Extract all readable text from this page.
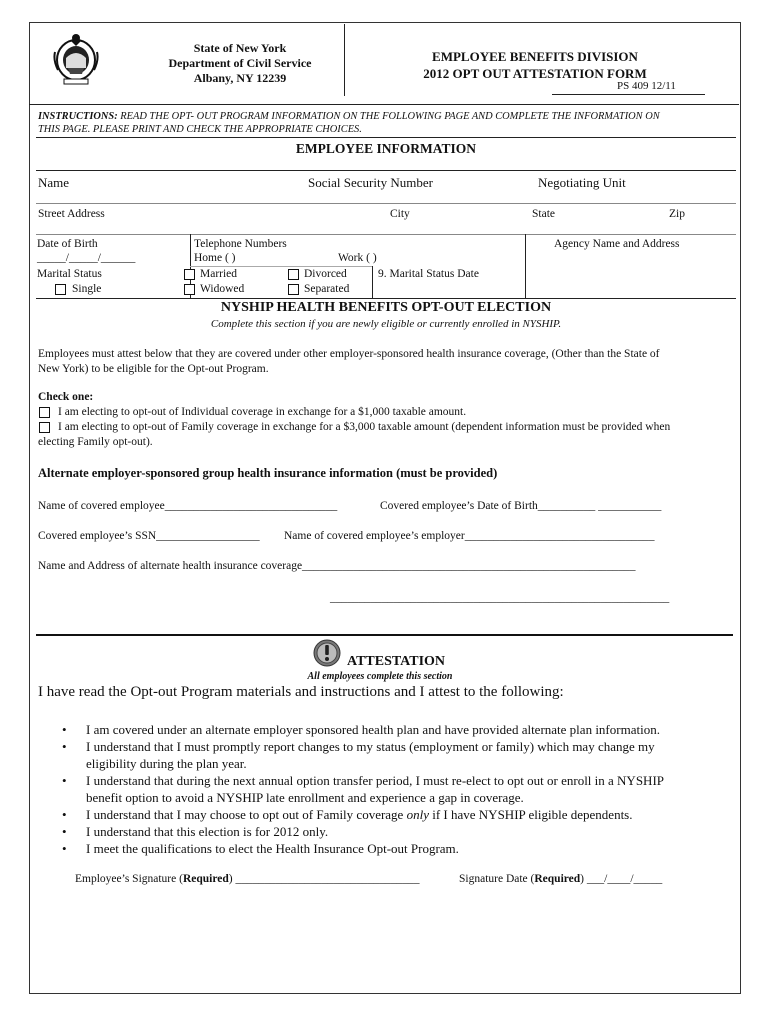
State of New York
Department of Civil Service
Albany, NY 12239
EMPLOYEE BENEFITS DIVISION
2012 OPT OUT ATTESTATION FORM
PS 409 12/11
INSTRUCTIONS: READ THE OPT- OUT PROGRAM INFORMATION ON THE FOLLOWING PAGE AND COMPLETE THE INFORMATION ON
THIS PAGE. PLEASE PRINT AND CHECK THE APPROPRIATE CHOICES.
EMPLOYEE INFORMATION
Name	Social Security Number	Negotiating Unit
Street Address	City	State	Zip
Date of Birth
_____/_____/______
Telephone Numbers
Home ( )	Work ( )
Agency Name and Address
Marital Status
Single
Married
Widowed
Divorced
Separated
9. Marital Status Date
NYSHIP HEALTH BENEFITS OPT-OUT ELECTION
Complete this section if you are newly eligible or currently enrolled in NYSHIP.
Employees must attest below that they are covered under other employer-sponsored health insurance coverage, (Other than the State of
New York) to be eligible for the Opt-out Program.
Check one:
I am electing to opt-out of Individual coverage in exchange for a $1,000 taxable amount.
I am electing to opt-out of Family coverage in exchange for a $3,000 taxable amount (dependent information must be provided when
electing Family opt-out).
Alternate employer-sponsored group health insurance information (must be provided)
Name of covered employee______________________________	Covered employee’s Date of Birth__________ ___________
Covered employee’s SSN__________________ Name of covered employee’s employer_________________________________
Name and Address of alternate health insurance coverage__________________________________________________________
___________________________________________________________
ATTESTATION
All employees complete this section
I have read the Opt-out Program materials and instructions and I attest to the following:
• I am covered under an alternate employer sponsored health plan and have provided alternate plan information.
• I understand that I must promptly report changes to my status (employment or family) which may change my
eligibility during the plan year.
• I understand that during the next annual option transfer period, I must re-elect to opt out or enroll in a NYSHIP
benefit option to avoid a NYSHIP late enrollment and experience a gap in coverage.
• I understand that I may choose to opt out of Family coverage only if I have NYSHIP eligible dependents.
• I understand that this election is for 2012 only.
• I meet the qualifications to elect the Health Insurance Opt-out Program.
Employee’s Signature (Required) ________________________________	Signature Date (Required) ___/____/_____
